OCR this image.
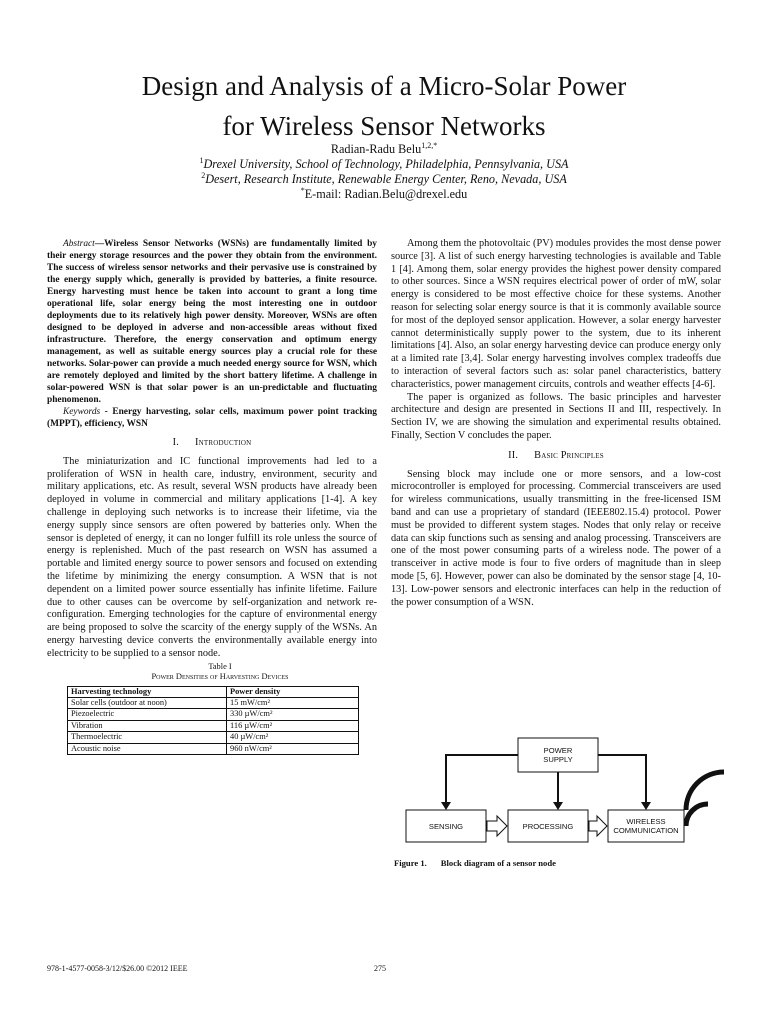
Design and Analysis of a Micro-Solar Power
for Wireless Sensor Networks
Radian-Radu Belu$^{1,2,*}$
$^1$Drexel University, School of Technology, Philadelphia, Pennsylvania, USA
$^2$Desert, Research Institute, Renewable Energy Center, Reno, Nevada, USA
*E-mail: Radian.Belu@drexel.edu

Abstract—Wireless Sensor Networks (WSNs) are fundamentally limited by their energy storage resources and the power they obtain from the environment. The success of wireless sensor networks and their pervasive use is constrained by the energy supply which, generally is provided by batteries, a finite resource. Energy harvesting must hence be taken into account to grant a long time operational life, solar energy being the most interesting one in outdoor deployments due to its relatively high power density. Moreover, WSNs are often designed to be deployed in adverse and non-accessible areas without fixed infrastructure. Therefore, the energy conservation and optimum energy management, as well as suitable energy sources play a crucial role for these networks. Solar-power can provide a much needed energy source for WSN, which are remotely deployed and limited by the short battery lifetime. A challenge in solar-powered WSN is that solar power is an un-predictable and fluctuating phenomenon.

Keywords - Energy harvesting, solar cells, maximum power point tracking (MPPT), efficiency, WSN

I. Introduction

The miniaturization and IC functional improvements had led to a proliferation of WSN in health care, industry, environment, security and military applications, etc. As result, several WSN products have already been deployed in volume in commercial and military applications [1-4]. A key challenge in deploying such networks is to increase their lifetime, via the energy supply since sensors are often powered by batteries only. When the sensor is depleted of energy, it can no longer fulfill its role unless the source of energy is replenished. Much of the past research on WSN has assumed a portable and limited energy source to power sensors and focused on extending the lifetime by minimizing the energy consumption. A WSN that is not dependent on a limited power source essentially has infinite lifetime. Failure due to other causes can be overcome by self-organization and network re-configuration. Emerging technologies for the capture of environmental energy are being proposed to solve the scarcity of the energy supply of the WSNs. An energy harvesting device converts the environmentally available energy into electricity to be supplied to a sensor node.

Table I

Power Densities of Harvesting Devices

Harvesting technology	Power density
Solar cells (outdoor at noon)	15 mW/cm²
Piezoelectric	330 µW/cm²
Vibration	116 µW/cm²
Thermoelectric	40 µW/cm²
Acoustic noise	960 nW/cm²

Among them the photovoltaic (PV) modules provides the most dense power source [3]. A list of such energy harvesting technologies is available and Table 1 [4]. Among them, solar energy provides the highest power density compared to other sources. Since a WSN requires electrical power of order of mW, solar energy is considered to be most effective choice for these systems. Another reason for selecting solar energy source is that it is commonly available source for most of the deployed sensor application. However, a solar energy harvester cannot deterministically supply power to the system, due to its inherent limitations [4]. Also, an solar energy harvesting device can produce energy only at a limited rate [3,4]. Solar energy harvesting involves complex tradeoffs due to interaction of several factors such as: solar panel characteristics, battery characteristics, power management circuits, controls and weather effects [4-6].

The paper is organized as follows. The basic principles and harvester architecture and design are presented in Sections II and III, respectively. In Section IV, we are showing the simulation and experimental results obtained. Finally, Section V concludes the paper.

II. Basic Principles

Sensing block may include one or more sensors, and a low-cost microcontroller is employed for processing. Commercial transceivers are used for wireless communications, usually transmitting in the free-licensed ISM band and can use a proprietary of standard (IEEE802.15.4) protocol. Power must be provided to different system stages. Nodes that only relay or receive data can skip functions such as sensing and analog processing. Transceivers are one of the most power consuming parts of a wireless node. The power of a transceiver in active mode is four to five orders of magnitude than in sleep mode [5, 6]. However, power can also be dominated by the sensor stage [4, 10-13]. Low-power sensors and electronic interfaces can help in the reduction of the power consumption of a WSN.

POWER
SUPPLY
SENSING	PROCESSING
WIRELESS
COMMUNICATION
Figure 1. Block diagram of a sensor node
978-1-4577-0058-3/12/$26.00 ©2012 IEEE	275
